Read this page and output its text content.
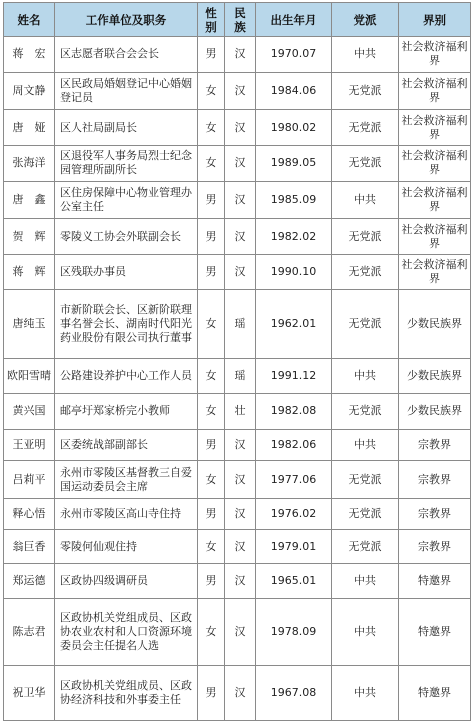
姓名	工作单位及职务	性别	民族	出生年月	党派	界别
蒋　宏	区志愿者联合会会长	男	汉	1970.07	中共	社会救济福利界
周文静	区民政局婚姻登记中心婚姻登记员	女	汉	1984.06	无党派	社会救济福利界
唐　娅	区人社局副局长	女	汉	1980.02	无党派	社会救济福利界
张海洋	区退役军人事务局烈士纪念园管理所副所长	女	汉	1989.05	无党派	社会救济福利界
唐　鑫	区住房保障中心物业管理办公室主任	男	汉	1985.09	中共	社会救济福利界
贺　辉	零陵义工协会外联副会长	男	汉	1982.02	无党派	社会救济福利界
蒋　辉	区残联办事员	男	汉	1990.10	无党派	社会救济福利界
唐纯玉	市新阶联会长、区新阶联理事名誉会长、湖南时代阳光药业股份有限公司执行董事	女	瑶	1962.01	无党派	少数民族界
欧阳雪晴	公路建设养护中心工作人员	女	瑶	1991.12	中共	少数民族界
黄兴国	邮亭圩郑家桥完小教师	女	壮	1982.08	无党派	少数民族界
王亚明	区委统战部副部长	男	汉	1982.06	中共	宗教界
吕莉平	永州市零陵区基督教三自爱国运动委员会主席	女	汉	1977.06	无党派	宗教界
释心悟	永州市零陵区高山寺住持	男	汉	1976.02	无党派	宗教界
翁巨香	零陵何仙观住持	女	汉	1979.01	无党派	宗教界
郑运德	区政协四级调研员	男	汉	1965.01	中共	特邀界
陈志君	区政协机关党组成员、区政协农业农村和人口资源环境委员会主任提名人选	女	汉	1978.09	中共	特邀界
祝卫华	区政协机关党组成员、区政协经济科技和外事委主任	男	汉	1967.08	中共	特邀界
